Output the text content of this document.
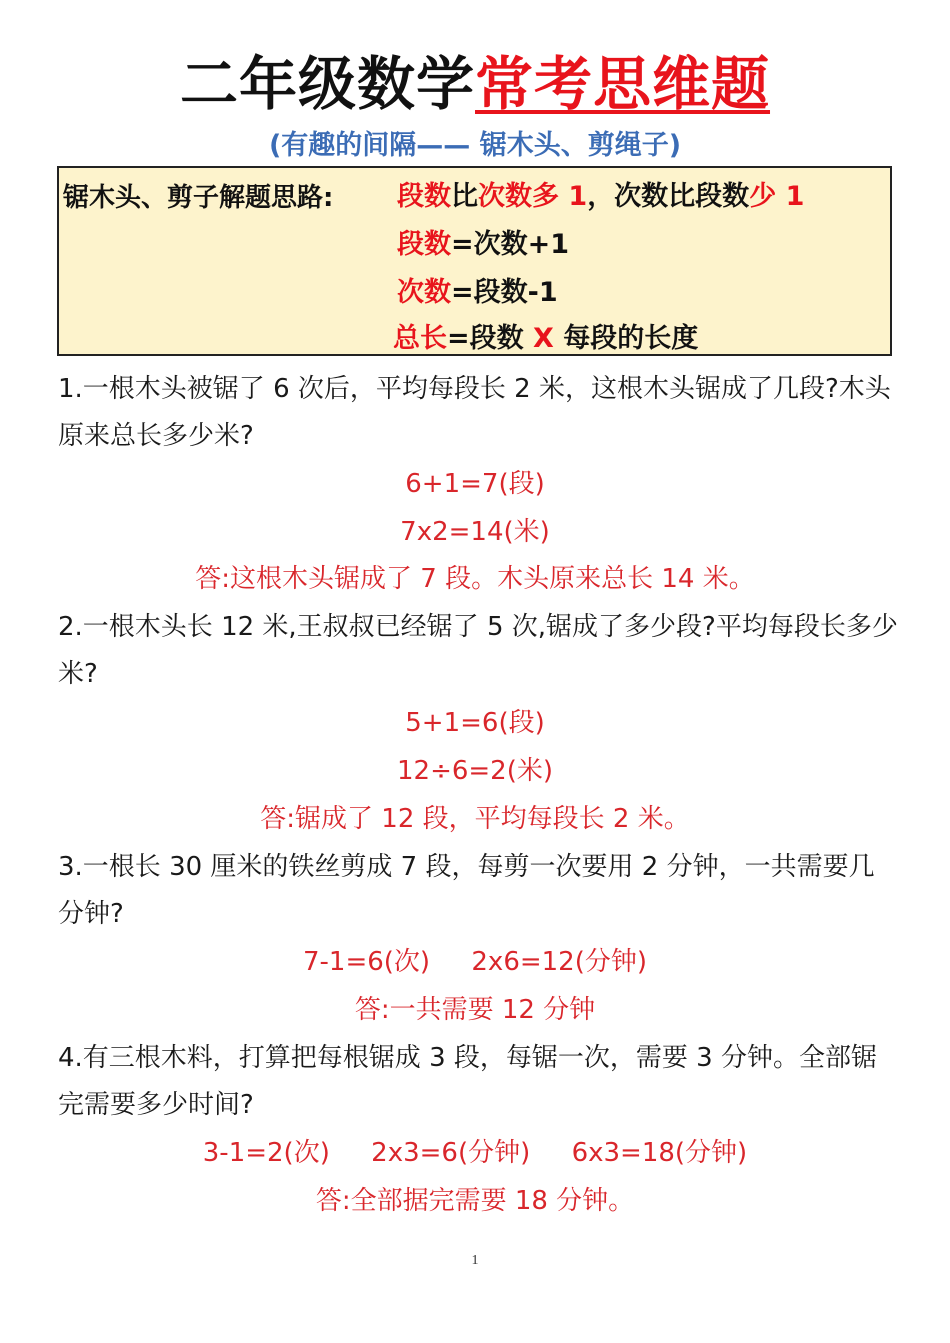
二年级数学常考思维题
(有趣的间隔—— 锯木头、剪绳子)
锯木头、剪子解题思路: 段数比次数多 1，次数比段数少 1
段数=次数+1
次数=段数-1
总长=段数 X 每段的长度
1.一根木头被锯了 6 次后，平均每段长 2 米，这根木头锯成了几段?木头原来总长多少米?
6+1=7(段)
7x2=14(米)
答:这根木头锯成了 7 段。木头原来总长 14 米。
2.一根木头长 12 米,王叔叔已经锯了 5 次,锯成了多少段?平均每段长多少米?
5+1=6(段)
12÷6=2(米)
答:锯成了 12 段，平均每段长 2 米。
3.一根长 30 厘米的铁丝剪成 7 段，每剪一次要用 2 分钟，一共需要几分钟?
7-1=6(次)     2x6=12(分钟)
答:一共需要 12 分钟
4.有三根木料，打算把每根锯成 3 段，每锯一次，需要 3 分钟。全部锯完需要多少时间?
3-1=2(次)     2x3=6(分钟)     6x3=18(分钟)
答:全部据完需要 18 分钟。
1
